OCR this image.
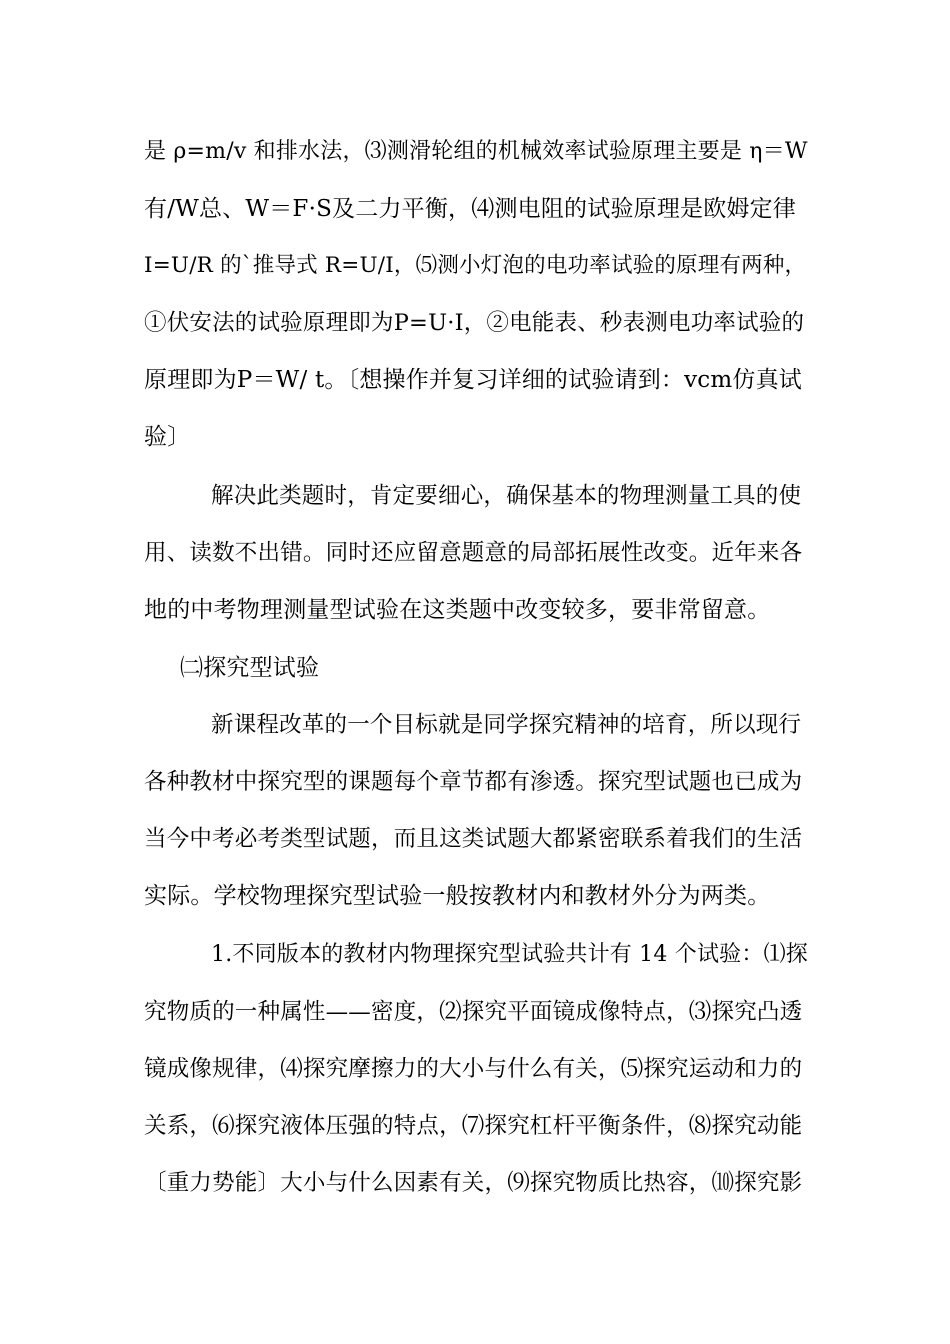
是 ρ=m/v 和排水法，⑶测滑轮组的机械效率试验原理主要是 η＝W
有/W总、W＝F·S及二力平衡，⑷测电阻的试验原理是欧姆定律
I=U/R 的`推导式 R=U/I，⑸测小灯泡的电功率试验的原理有两种，
①伏安法的试验原理即为P=U·I，②电能表、秒表测电功率试验的
原理即为P＝W/ t。〔想操作并复习详细的试验请到：vcm仿真试
验〕
解决此类题时，肯定要细心，确保基本的物理测量工具的使
用、读数不出错。同时还应留意题意的局部拓展性改变。近年来各
地的中考物理测量型试验在这类题中改变较多，要非常留意。
㈡探究型试验
新课程改革的一个目标就是同学探究精神的培育，所以现行
各种教材中探究型的课题每个章节都有渗透。探究型试题也已成为
当今中考必考类型试题，而且这类试题大都紧密联系着我们的生活
实际。学校物理探究型试验一般按教材内和教材外分为两类。
1.不同版本的教材内物理探究型试验共计有 14 个试验：⑴探
究物质的一种属性——密度，⑵探究平面镜成像特点，⑶探究凸透
镜成像规律，⑷探究摩擦力的大小与什么有关，⑸探究运动和力的
关系，⑹探究液体压强的特点，⑺探究杠杆平衡条件，⑻探究动能
〔重力势能〕大小与什么因素有关，⑼探究物质比热容，⑽探究影
